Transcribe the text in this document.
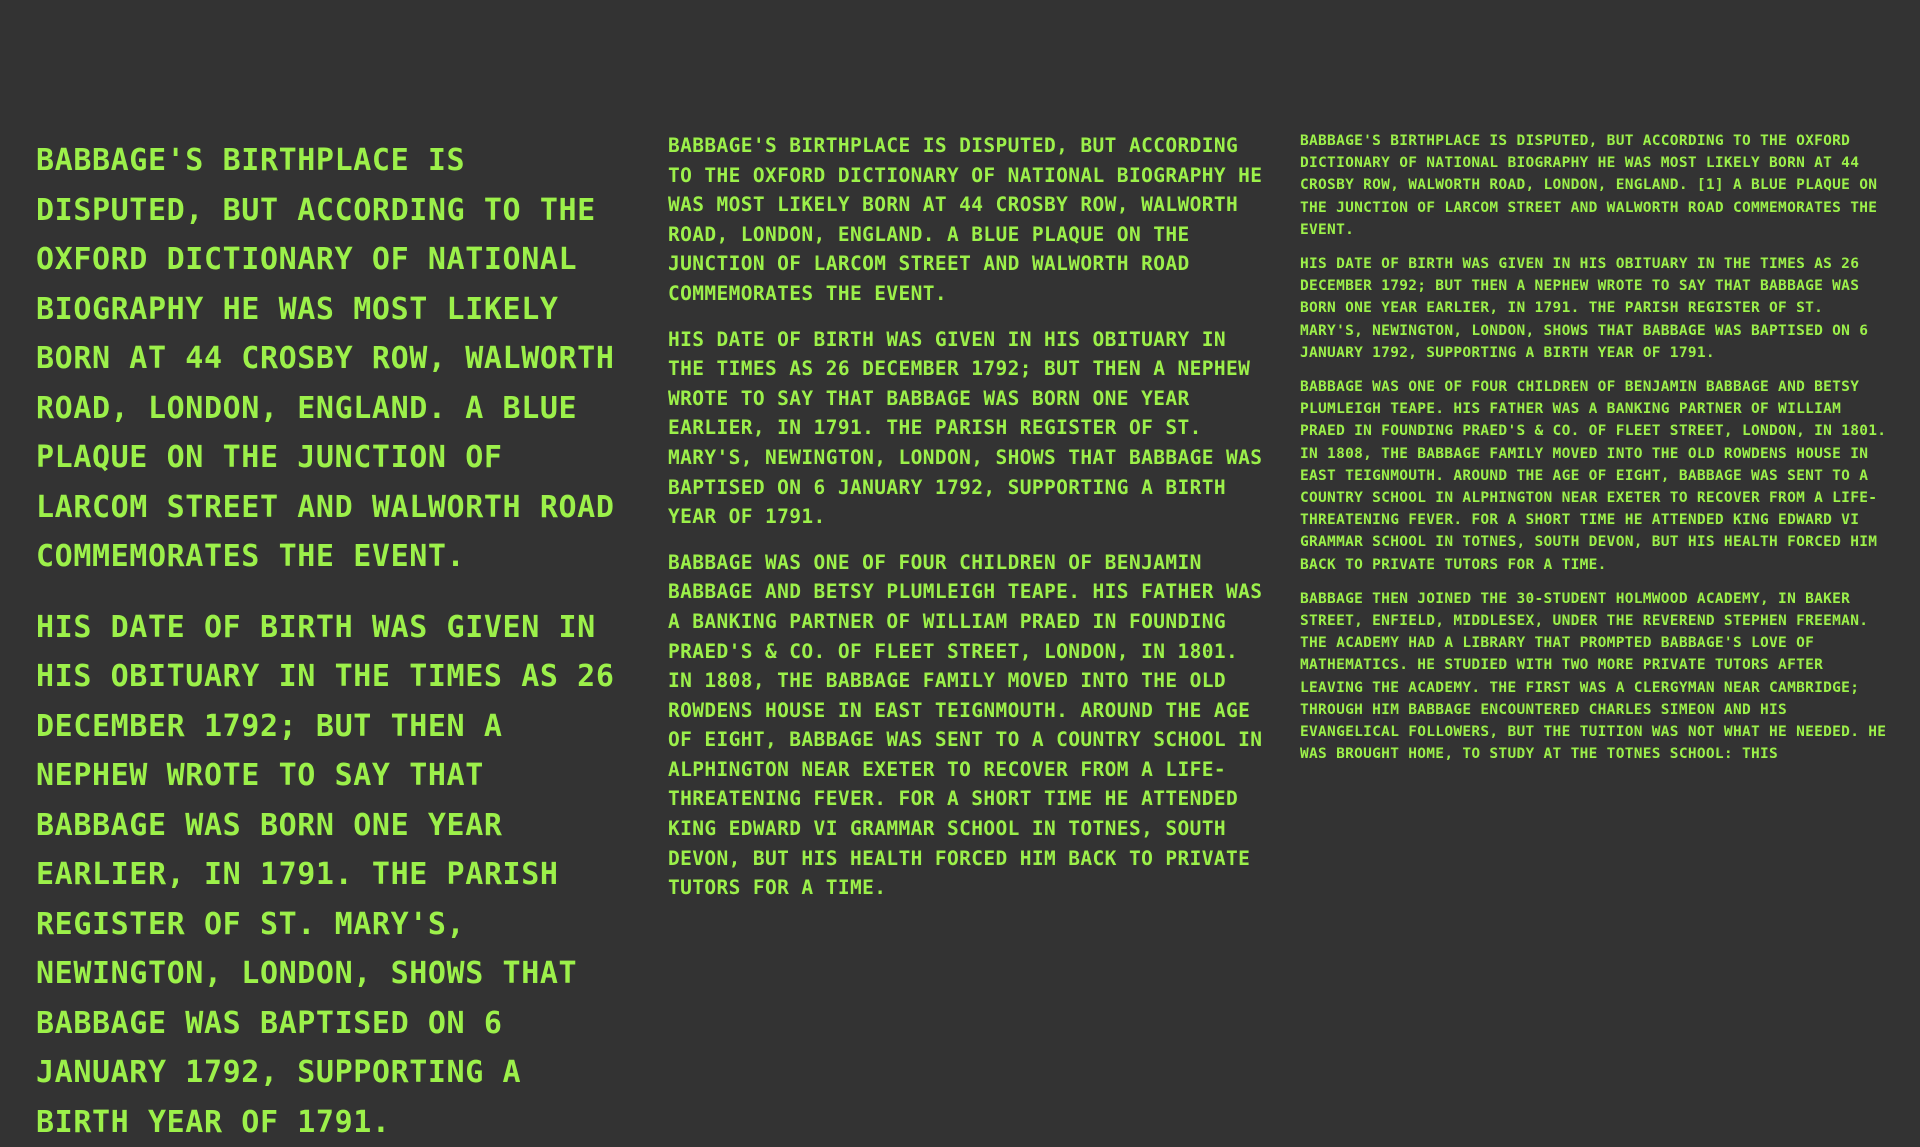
BABBAGE'S BIRTHPLACE IS DISPUTED, BUT ACCORDING TO THE OXFORD DICTIONARY OF NATIONAL BIOGRAPHY HE WAS MOST LIKELY BORN AT 44 CROSBY ROW, WALWORTH ROAD, LONDON, ENGLAND. A BLUE PLAQUE ON THE JUNCTION OF LARCOM STREET AND WALWORTH ROAD COMMEMORATES THE EVENT.

HIS DATE OF BIRTH WAS GIVEN IN HIS OBITUARY IN THE TIMES AS 26 DECEMBER 1792; BUT THEN A NEPHEW WROTE TO SAY THAT BABBAGE WAS BORN ONE YEAR EARLIER, IN 1791. THE PARISH REGISTER OF ST. MARY'S, NEWINGTON, LONDON, SHOWS THAT BABBAGE WAS BAPTISED ON 6 JANUARY 1792, SUPPORTING A BIRTH YEAR OF 1791.

BABBAGE'S BIRTHPLACE IS DISPUTED, BUT ACCORDING TO THE OXFORD DICTIONARY OF NATIONAL BIOGRAPHY HE WAS MOST LIKELY BORN AT 44 CROSBY ROW, WALWORTH ROAD, LONDON, ENGLAND. A BLUE PLAQUE ON THE JUNCTION OF LARCOM STREET AND WALWORTH ROAD COMMEMORATES THE EVENT.

HIS DATE OF BIRTH WAS GIVEN IN HIS OBITUARY IN THE TIMES AS 26 DECEMBER 1792; BUT THEN A NEPHEW WROTE TO SAY THAT BABBAGE WAS BORN ONE YEAR EARLIER, IN 1791. THE PARISH REGISTER OF ST. MARY'S, NEWINGTON, LONDON, SHOWS THAT BABBAGE WAS BAPTISED ON 6 JANUARY 1792, SUPPORTING A BIRTH YEAR OF 1791.

BABBAGE WAS ONE OF FOUR CHILDREN OF BENJAMIN BABBAGE AND BETSY PLUMLEIGH TEAPE. HIS FATHER WAS A BANKING PARTNER OF WILLIAM PRAED IN FOUNDING PRAED'S & CO. OF FLEET STREET, LONDON, IN 1801. IN 1808, THE BABBAGE FAMILY MOVED INTO THE OLD ROWDENS HOUSE IN EAST TEIGNMOUTH. AROUND THE AGE OF EIGHT, BABBAGE WAS SENT TO A COUNTRY SCHOOL IN ALPHINGTON NEAR EXETER TO RECOVER FROM A LIFE-THREATENING FEVER. FOR A SHORT TIME HE ATTENDED KING EDWARD VI GRAMMAR SCHOOL IN TOTNES, SOUTH DEVON, BUT HIS HEALTH FORCED HIM BACK TO PRIVATE TUTORS FOR A TIME.

BABBAGE'S BIRTHPLACE IS DISPUTED, BUT ACCORDING TO THE OXFORD DICTIONARY OF NATIONAL BIOGRAPHY HE WAS MOST LIKELY BORN AT 44 CROSBY ROW, WALWORTH ROAD, LONDON, ENGLAND. [1] A BLUE PLAQUE ON THE JUNCTION OF LARCOM STREET AND WALWORTH ROAD COMMEMORATES THE EVENT.

HIS DATE OF BIRTH WAS GIVEN IN HIS OBITUARY IN THE TIMES AS 26 DECEMBER 1792; BUT THEN A NEPHEW WROTE TO SAY THAT BABBAGE WAS BORN ONE YEAR EARLIER, IN 1791. THE PARISH REGISTER OF ST. MARY'S, NEWINGTON, LONDON, SHOWS THAT BABBAGE WAS BAPTISED ON 6 JANUARY 1792, SUPPORTING A BIRTH YEAR OF 1791.

BABBAGE WAS ONE OF FOUR CHILDREN OF BENJAMIN BABBAGE AND BETSY PLUMLEIGH TEAPE. HIS FATHER WAS A BANKING PARTNER OF WILLIAM PRAED IN FOUNDING PRAED'S & CO. OF FLEET STREET, LONDON, IN 1801. IN 1808, THE BABBAGE FAMILY MOVED INTO THE OLD ROWDENS HOUSE IN EAST TEIGNMOUTH. AROUND THE AGE OF EIGHT, BABBAGE WAS SENT TO A COUNTRY SCHOOL IN ALPHINGTON NEAR EXETER TO RECOVER FROM A LIFE-THREATENING FEVER. FOR A SHORT TIME HE ATTENDED KING EDWARD VI GRAMMAR SCHOOL IN TOTNES, SOUTH DEVON, BUT HIS HEALTH FORCED HIM BACK TO PRIVATE TUTORS FOR A TIME.

BABBAGE THEN JOINED THE 30-STUDENT HOLMWOOD ACADEMY, IN BAKER STREET, ENFIELD, MIDDLESEX, UNDER THE REVEREND STEPHEN FREEMAN. THE ACADEMY HAD A LIBRARY THAT PROMPTED BABBAGE'S LOVE OF MATHEMATICS. HE STUDIED WITH TWO MORE PRIVATE TUTORS AFTER LEAVING THE ACADEMY. THE FIRST WAS A CLERGYMAN NEAR CAMBRIDGE; THROUGH HIM BABBAGE ENCOUNTERED CHARLES SIMEON AND HIS EVANGELICAL FOLLOWERS, BUT THE TUITION WAS NOT WHAT HE NEEDED. HE WAS BROUGHT HOME, TO STUDY AT THE TOTNES SCHOOL: THIS
